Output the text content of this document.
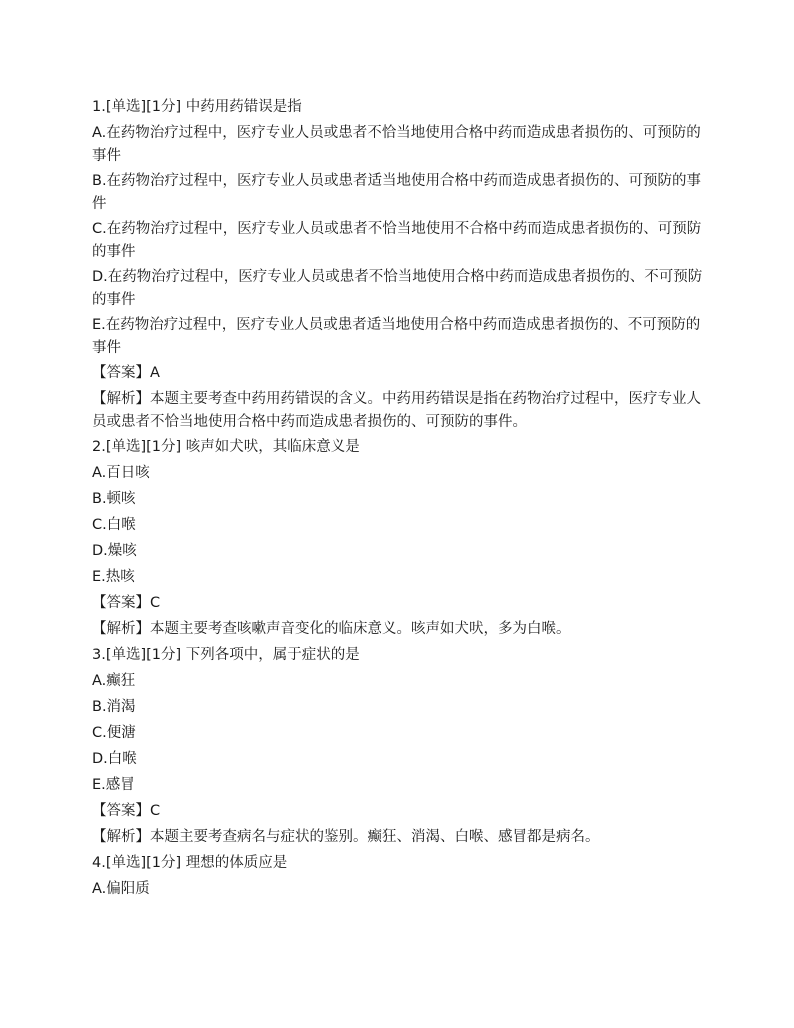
1.[单选][1分] 中药用药错误是指

A.在药物治疗过程中，医疗专业人员或患者不恰当地使用合格中药而造成患者损伤的、可预防的事件

B.在药物治疗过程中，医疗专业人员或患者适当地使用合格中药而造成患者损伤的、可预防的事件

C.在药物治疗过程中，医疗专业人员或患者不恰当地使用不合格中药而造成患者损伤的、可预防的事件

D.在药物治疗过程中，医疗专业人员或患者不恰当地使用合格中药而造成患者损伤的、不可预防的事件

E.在药物治疗过程中，医疗专业人员或患者适当地使用合格中药而造成患者损伤的、不可预防的事件

【答案】A

【解析】本题主要考查中药用药错误的含义。中药用药错误是指在药物治疗过程中，医疗专业人员或患者不恰当地使用合格中药而造成患者损伤的、可预防的事件。

2.[单选][1分] 咳声如犬吠，其临床意义是

A.百日咳

B.顿咳

C.白喉

D.燥咳

E.热咳

【答案】C

【解析】本题主要考查咳嗽声音变化的临床意义。咳声如犬吠，多为白喉。

3.[单选][1分] 下列各项中，属于症状的是

A.癫狂

B.消渴

C.便溏

D.白喉

E.感冒

【答案】C

【解析】本题主要考查病名与症状的鉴别。癫狂、消渴、白喉、感冒都是病名。

4.[单选][1分] 理想的体质应是

A.偏阳质
